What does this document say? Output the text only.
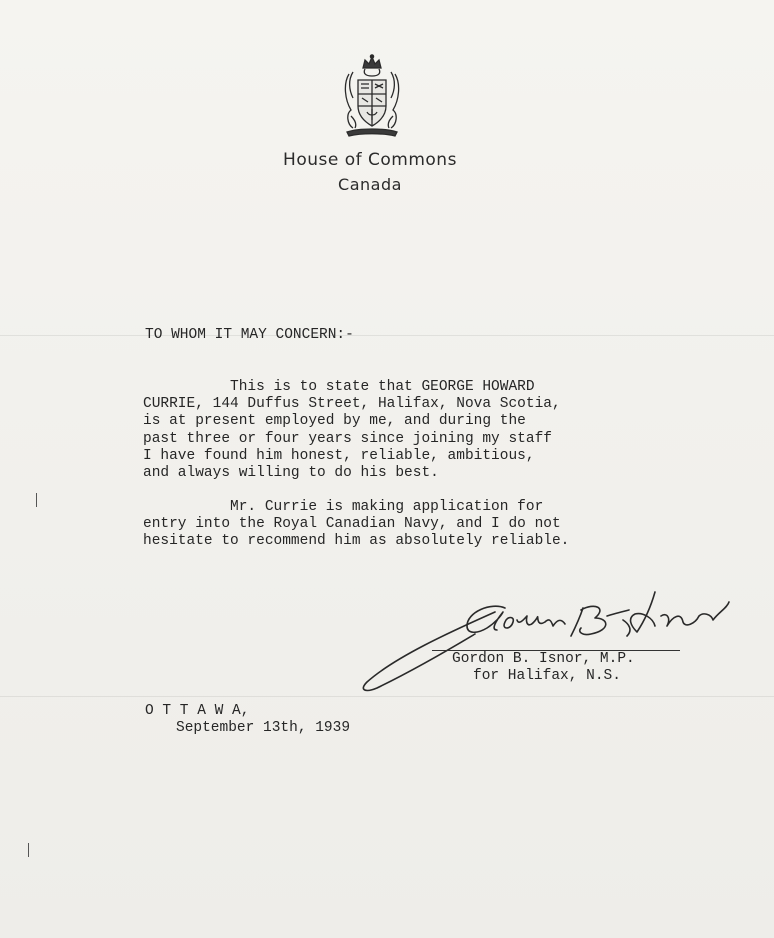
House of Commons
Canada
TO WHOM IT MAY CONCERN:-
This is to state that GEORGE HOWARD
CURRIE, 144 Duffus Street, Halifax, Nova Scotia,
is at present employed by me, and during the
past three or four years since joining my staff
I have found him honest, reliable, ambitious,
and always willing to do his best.
Mr. Currie is making application for
entry into the Royal Canadian Navy, and I do not
hesitate to recommend him as absolutely reliable.
Gordon B. Isnor, M.P.
for Halifax, N.S.
O T T A W A,
September 13th, 1939
